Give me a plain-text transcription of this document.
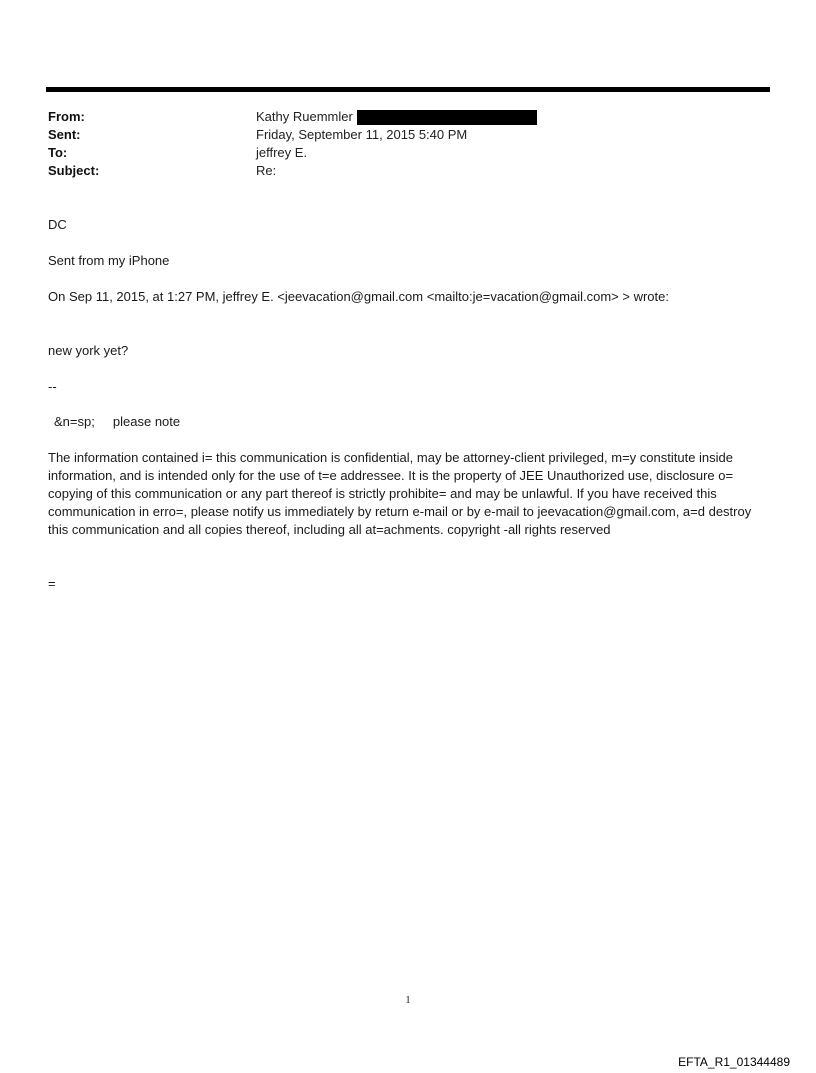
From:	Kathy Ruemmler
Sent:	Friday, September 11, 2015 5:40 PM
To:	jeffrey E.
Subject:	Re:

DC

Sent from my iPhone

On Sep 11, 2015, at 1:27 PM, jeffrey E. <jeevacation@gmail.com <mailto:je=vacation@gmail.com> > wrote:

new york yet?

--

&n=sp;     please note

The information contained i= this communication is confidential, may be attorney-client privileged, m=y constitute inside information, and is intended only for the use of t=e addressee. It is the property of JEE Unauthorized use, disclosure o= copying of this communication or any part thereof is strictly prohibite= and may be unlawful. If you have received this communication in erro=, please notify us immediately by return e-mail or by e-mail to jeevacation@gmail.com, a=d destroy this communication and all copies thereof, including all at=achments. copyright -all rights reserved

=

1
EFTA_R1_01344489
